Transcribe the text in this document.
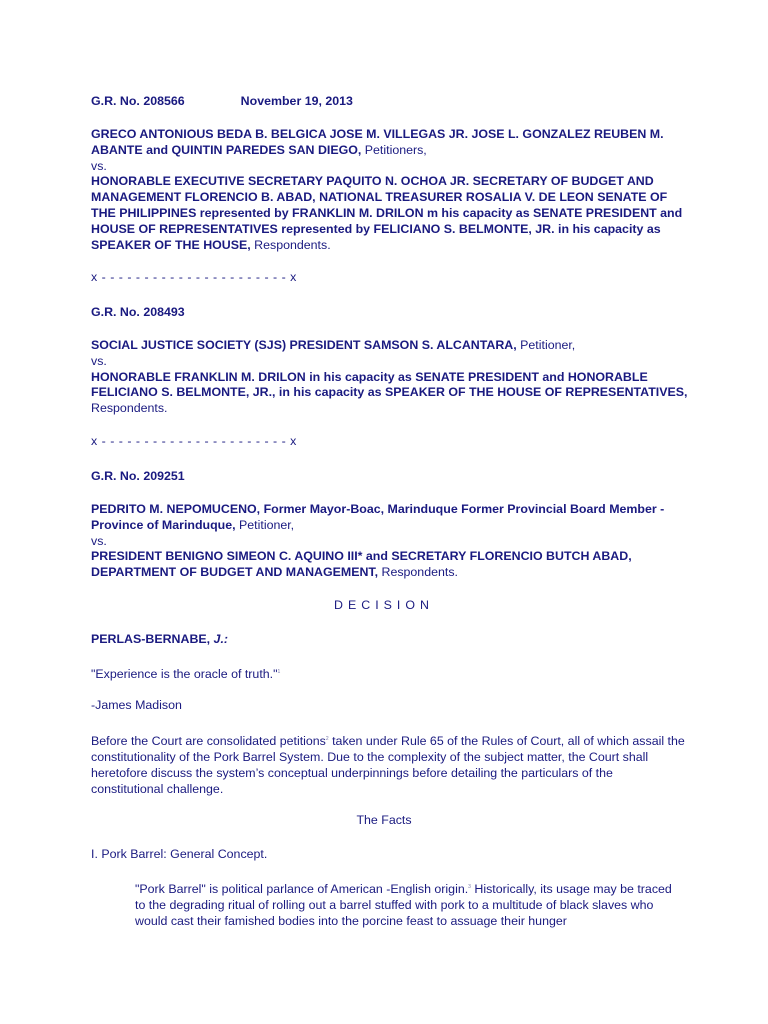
G.R. No. 208566	November 19, 2013
GRECO ANTONIOUS BEDA B. BELGICA JOSE M. VILLEGAS JR. JOSE L. GONZALEZ REUBEN M. ABANTE and QUINTIN PAREDES SAN DIEGO, Petitioners,
vs.
HONORABLE EXECUTIVE SECRETARY PAQUITO N. OCHOA JR. SECRETARY OF BUDGET AND MANAGEMENT FLORENCIO B. ABAD, NATIONAL TREASURER ROSALIA V. DE LEON SENATE OF THE PHILIPPINES represented by FRANKLIN M. DRILON m his capacity as SENATE PRESIDENT and HOUSE OF REPRESENTATIVES represented by FELICIANO S. BELMONTE, JR. in his capacity as SPEAKER OF THE HOUSE, Respondents.
x - - - - - - - - - - - - - - - - - - - - - - x
G.R. No. 208493
SOCIAL JUSTICE SOCIETY (SJS) PRESIDENT SAMSON S. ALCANTARA, Petitioner,
vs.
HONORABLE FRANKLIN M. DRILON in his capacity as SENATE PRESIDENT and HONORABLE FELICIANO S. BELMONTE, JR., in his capacity as SPEAKER OF THE HOUSE OF REPRESENTATIVES, Respondents.
x - - - - - - - - - - - - - - - - - - - - - - x
G.R. No. 209251
PEDRITO M. NEPOMUCENO, Former Mayor-Boac, Marinduque Former Provincial Board Member -Province of Marinduque, Petitioner,
vs.
PRESIDENT BENIGNO SIMEON C. AQUINO III* and SECRETARY FLORENCIO BUTCH ABAD, DEPARTMENT OF BUDGET AND MANAGEMENT, Respondents.
DECISION
PERLAS-BERNABE, J.:
"Experience is the oracle of truth."$^1$
-James Madison
Before the Court are consolidated petitions$^2$ taken under Rule 65 of the Rules of Court, all of which assail the constitutionality of the Pork Barrel System. Due to the complexity of the subject matter, the Court shall heretofore discuss the system’s conceptual underpinnings before detailing the particulars of the constitutional challenge.
The Facts
I. Pork Barrel: General Concept.
"Pork Barrel" is political parlance of American -English origin.$^3$ Historically, its usage may be traced to the degrading ritual of rolling out a barrel stuffed with pork to a multitude of black slaves who would cast their famished bodies into the porcine feast to assuage their hunger
